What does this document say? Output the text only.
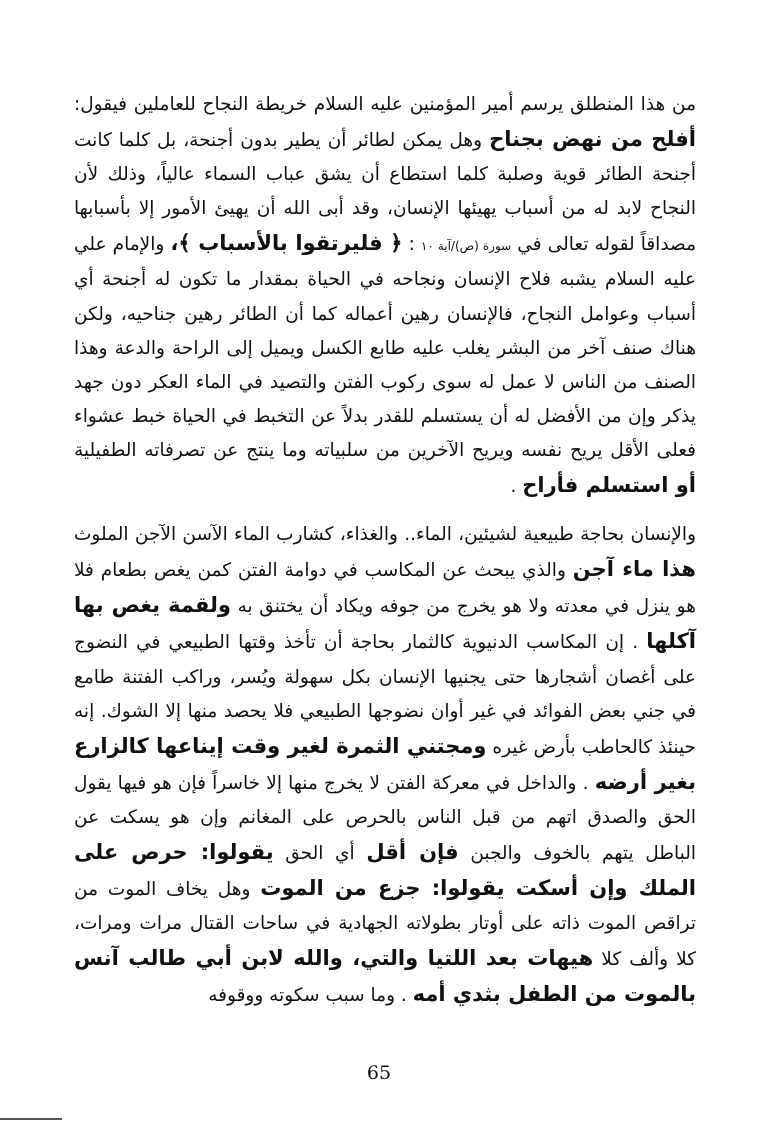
من هذا المنطلق يرسم أمير المؤمنين عليه السلام خريطة النجاح للعاملين فيقول: أفلح من نهض بجناح وهل يمكن لطائر أن يطير بدون أجنحة، بل كلما كانت أجنحة الطائر قوية وصلبة كلما استطاع أن يشق عباب السماء عالياً، وذلك لأن النجاح لابد له من أسباب يهيئها الإنسان، وقد أبى الله أن يهيئ الأمور إلا بأسبابها مصداقاً لقوله تعالى في سورة (ص)/آية ١٠ : ﴿ فليرتقوا بالأسباب ﴾، والإمام علي عليه السلام يشبه فلاح الإنسان ونجاحه في الحياة بمقدار ما تكون له أجنحة أي أسباب وعوامل النجاح، فالإنسان رهين أعماله كما أن الطائر رهين جناحيه، ولكن هناك صنف آخر من البشر يغلب عليه طابع الكسل ويميل إلى الراحة والدعة وهذا الصنف من الناس لا عمل له سوى ركوب الفتن والتصيد في الماء العكر دون جهد يذكر وإن من الأفضل له أن يستسلم للقدر بدلاً عن التخبط في الحياة خبط عشواء فعلى الأقل يريح نفسه ويريح الآخرين من سلبياته وما ينتج عن تصرفاته الطفيلية أو استسلم فأراح .

والإنسان بحاجة طبيعية لشيئين، الماء.. والغذاء، كشارب الماء الآسن الآجن الملوث هذا ماء آجن والذي يبحث عن المكاسب في دوامة الفتن كمن يغص بطعام فلا هو ينزل في معدته ولا هو يخرج من جوفه ويكاد أن يختنق به ولقمة يغص بها آكلها . إن المكاسب الدنيوية كالثمار بحاجة أن تأخذ وقتها الطبيعي في النضوج على أغصان أشجارها حتى يجنيها الإنسان بكل سهولة ويُسر، وراكب الفتنة طامع في جني بعض الفوائد في غير أوان نضوجها الطبيعي فلا يحصد منها إلا الشوك. إنه حينئذ كالحاطب بأرض غيره ومجتني الثمرة لغير وقت إيناعها كالزارع بغير أرضه . والداخل في معركة الفتن لا يخرج منها إلا خاسراً فإن هو فيها يقول الحق والصدق اتهم من قبل الناس بالحرص على المغانم وإن هو يسكت عن الباطل يتهم بالخوف والجبن فإن أقل أي الحق يقولوا: حرص على الملك وإن أسكت يقولوا: جزع من الموت وهل يخاف الموت من تراقص الموت ذاته على أوتار بطولاته الجهادية في ساحات القتال مرات ومرات، كلا وألف كلا هيهات بعد اللتيا والتي، والله لابن أبي طالب آنس بالموت من الطفل بثدي أمه . وما سبب سكوته ووقوفه

65
